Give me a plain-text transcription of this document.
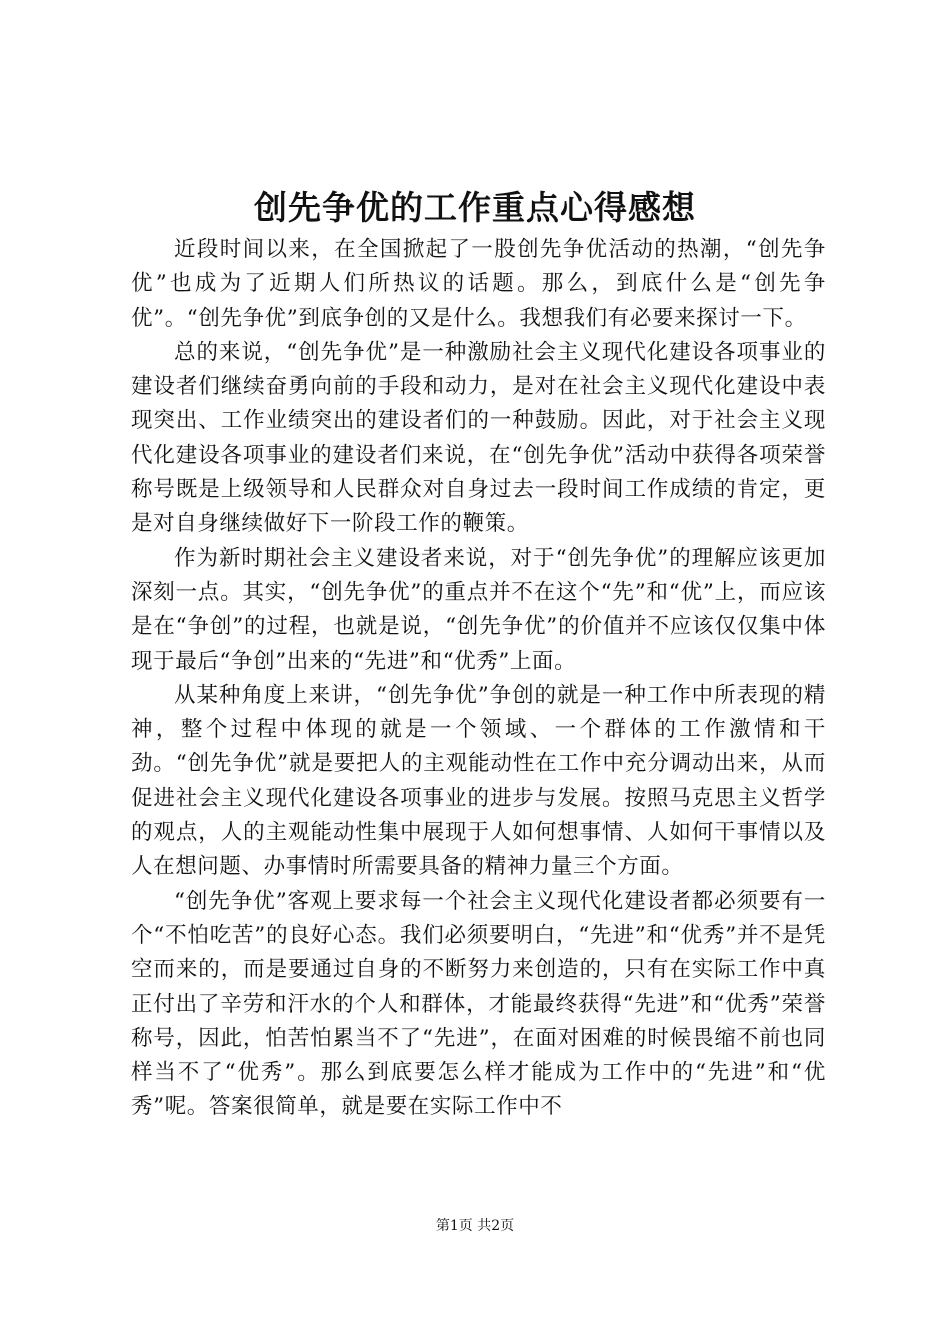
创先争优的工作重点心得感想

近段时间以来，在全国掀起了一股创先争优活动的热潮，“创先争优”也成为了近期人们所热议的话题。那么，到底什么是“创先争优”。“创先争优”到底争创的又是什么。我想我们有必要来探讨一下。

总的来说，“创先争优”是一种激励社会主义现代化建设各项事业的建设者们继续奋勇向前的手段和动力，是对在社会主义现代化建设中表现突出、工作业绩突出的建设者们的一种鼓励。因此，对于社会主义现代化建设各项事业的建设者们来说，在“创先争优”活动中获得各项荣誉称号既是上级领导和人民群众对自身过去一段时间工作成绩的肯定，更是对自身继续做好下一阶段工作的鞭策。

作为新时期社会主义建设者来说，对于“创先争优”的理解应该更加深刻一点。其实，“创先争优”的重点并不在这个“先”和“优”上，而应该是在“争创”的过程，也就是说，“创先争优”的价值并不应该仅仅集中体现于最后“争创”出来的“先进”和“优秀”上面。

从某种角度上来讲，“创先争优”争创的就是一种工作中所表现的精神，整个过程中体现的就是一个领域、一个群体的工作激情和干劲。“创先争优”就是要把人的主观能动性在工作中充分调动出来，从而促进社会主义现代化建设各项事业的进步与发展。按照马克思主义哲学的观点，人的主观能动性集中展现于人如何想事情、人如何干事情以及人在想问题、办事情时所需要具备的精神力量三个方面。

“创先争优”客观上要求每一个社会主义现代化建设者都必须要有一个“不怕吃苦”的良好心态。我们必须要明白，“先进”和“优秀”并不是凭空而来的，而是要通过自身的不断努力来创造的，只有在实际工作中真正付出了辛劳和汗水的个人和群体，才能最终获得“先进”和“优秀”荣誉称号，因此，怕苦怕累当不了“先进”，在面对困难的时候畏缩不前也同样当不了“优秀”。那么到底要怎么样才能成为工作中的“先进”和“优秀”呢。答案很简单，就是要在实际工作中不

第1页 共2页
